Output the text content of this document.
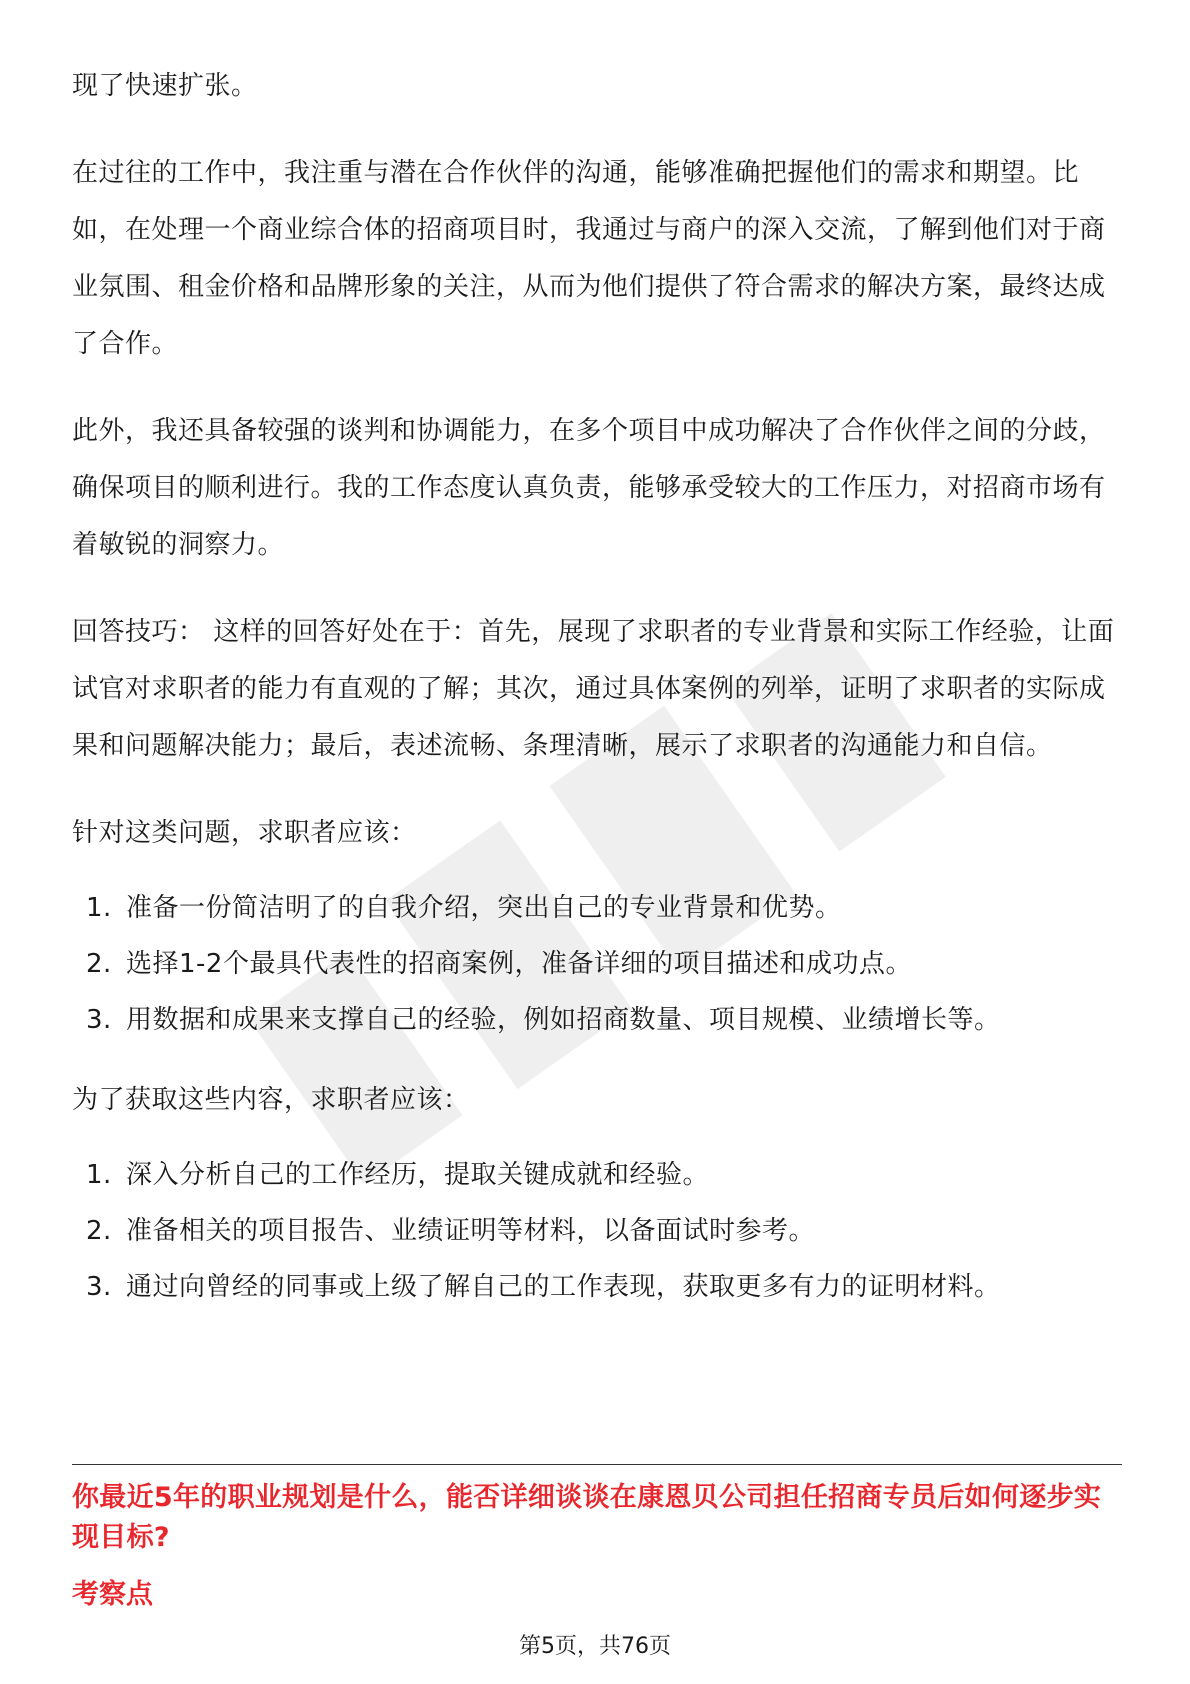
现了快速扩张。

在过往的工作中，我注重与潜在合作伙伴的沟通，能够准确把握他们的需求和期望。比如，在处理一个商业综合体的招商项目时，我通过与商户的深入交流，了解到他们对于商业氛围、租金价格和品牌形象的关注，从而为他们提供了符合需求的解决方案，最终达成了合作。

此外，我还具备较强的谈判和协调能力，在多个项目中成功解决了合作伙伴之间的分歧，确保项目的顺利进行。我的工作态度认真负责，能够承受较大的工作压力，对招商市场有着敏锐的洞察力。

回答技巧： 这样的回答好处在于：首先，展现了求职者的专业背景和实际工作经验，让面试官对求职者的能力有直观的了解；其次，通过具体案例的列举，证明了求职者的实际成果和问题解决能力；最后，表述流畅、条理清晰，展示了求职者的沟通能力和自信。

针对这类问题，求职者应该：

1. 准备一份简洁明了的自我介绍，突出自己的专业背景和优势。
2. 选择1-2个最具代表性的招商案例，准备详细的项目描述和成功点。
3. 用数据和成果来支撑自己的经验，例如招商数量、项目规模、业绩增长等。

为了获取这些内容，求职者应该：

1. 深入分析自己的工作经历，提取关键成就和经验。
2. 准备相关的项目报告、业绩证明等材料，以备面试时参考。
3. 通过向曾经的同事或上级了解自己的工作表现，获取更多有力的证明材料。
你最近5年的职业规划是什么，能否详细谈谈在康恩贝公司担任招商专员后如何逐步实现目标?
考察点
第5页，共76页
